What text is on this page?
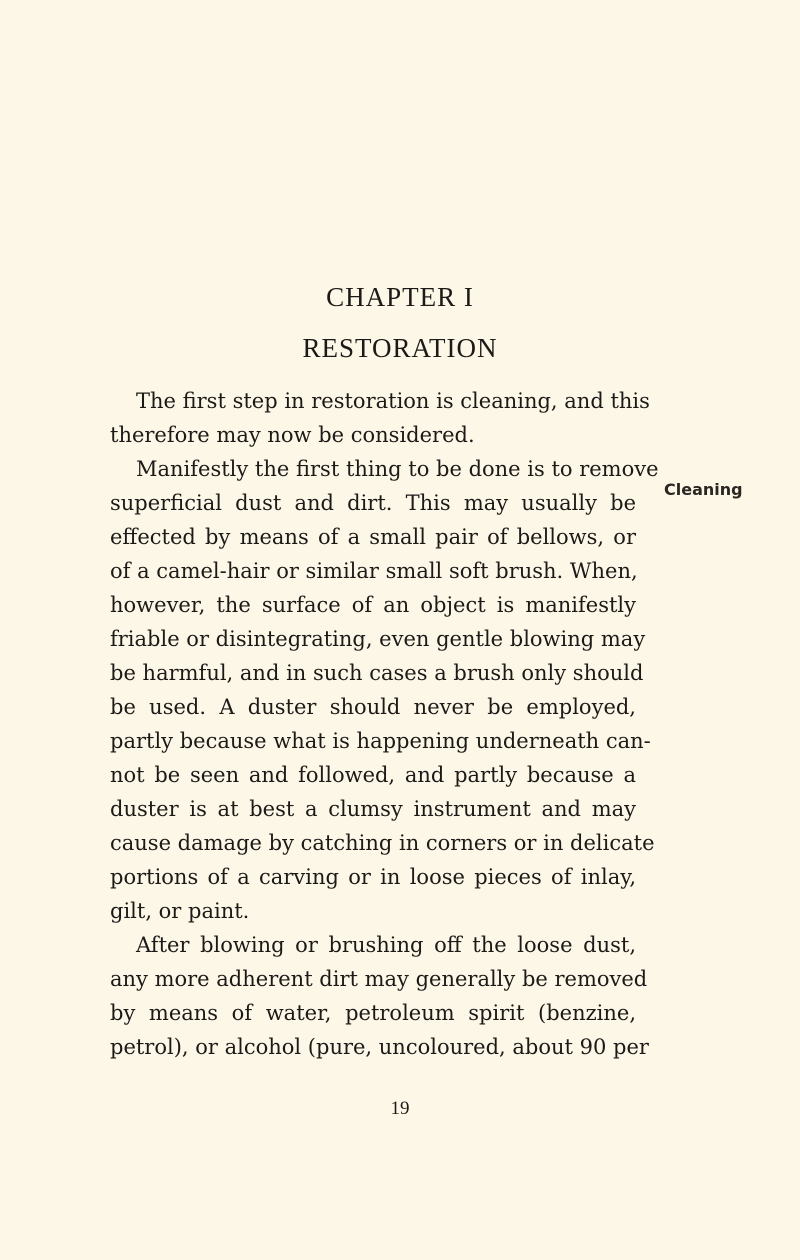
CHAPTER I
RESTORATION
The first step in restoration is cleaning, and this
therefore may now be considered.
Manifestly the first thing to be done is to remove
superficial dust and dirt. This may usually be
effected by means of a small pair of bellows, or
of a camel-hair or similar small soft brush. When,
however, the surface of an object is manifestly
friable or disintegrating, even gentle blowing may
be harmful, and in such cases a brush only should
be used. A duster should never be employed,
partly because what is happening underneath can-
not be seen and followed, and partly because a
duster is at best a clumsy instrument and may
cause damage by catching in corners or in delicate
portions of a carving or in loose pieces of inlay,
gilt, or paint.
After blowing or brushing off the loose dust,
any more adherent dirt may generally be removed
by means of water, petroleum spirit (benzine,
petrol), or alcohol (pure, uncoloured, about 90 per
Cleaning
19
